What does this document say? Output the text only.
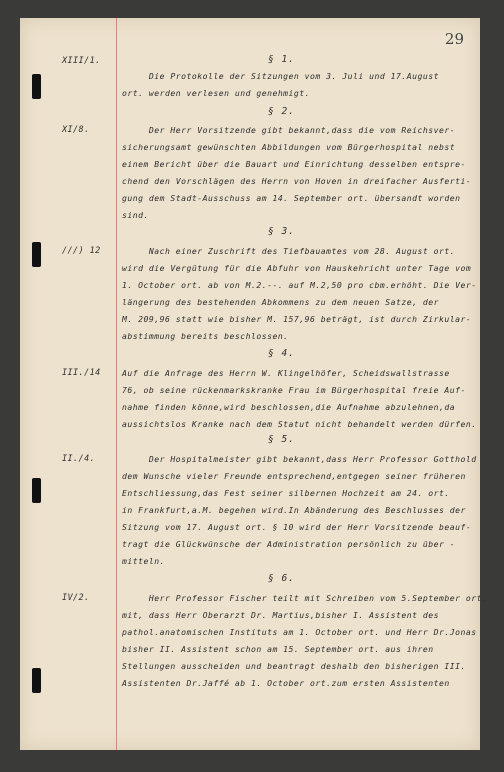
29
XIII/1.	§ 1.
Die Protokolle der Sitzungen vom 3. Juli und 17.August
ort. werden verlesen und genehmigt.
§ 2.
XI/8.	Der Herr Vorsitzende gibt bekannt,dass die vom Reichsver-
sicherungsamt gewünschten Abbildungen vom Bürgerhospital nebst
einem Bericht über die Bauart und Einrichtung desselben entspre-
chend den Vorschlägen des Herrn von Hoven in dreifacher Ausferti-
gung dem Stadt-Ausschuss am 14. September ort. übersandt worden
sind.
§ 3.
///) 12	Nach einer Zuschrift des Tiefbauamtes vom 28. August ort.
wird die Vergütung für die Abfuhr von Hauskehricht unter Tage vom
1. October ort. ab von M.2.--. auf M.2,50 pro cbm.erhöht. Die Ver-
längerung des bestehenden Abkommens zu dem neuen Satze, der
M. 209,96 statt wie bisher M. 157,96 beträgt, ist durch Zirkular-
abstimmung bereits beschlossen.
§ 4.
III./14	Auf die Anfrage des Herrn W. Klingelhöfer, Scheidswallstrasse
76, ob seine rückenmarkskranke Frau im Bürgerhospital freie Auf-
nahme finden könne,wird beschlossen,die Aufnahme abzulehnen,da
aussichtslos Kranke nach dem Statut nicht behandelt werden dürfen.
§ 5.
II./4.	Der Hospitalmeister gibt bekannt,dass Herr Professor Gotthold
dem Wunsche vieler Freunde entsprechend,entgegen seiner früheren
Entschliessung,das Fest seiner silbernen Hochzeit am 24. ort.
in Frankfurt,a.M. begehen wird.In Abänderung des Beschlusses der
Sitzung vom 17. August ort. § 10 wird der Herr Vorsitzende beauf-
tragt die Glückwünsche der Administration persönlich zu über -
mitteln.
§ 6.
IV/2.	Herr Professor Fischer teilt mit Schreiben vom 5.September ort.
mit, dass Herr Oberarzt Dr. Martius,bisher I. Assistent des
pathol.anatomischen Instituts am 1. October ort. und Herr Dr.Jonas
bisher II. Assistent schon am 15. September ort. aus ihren
Stellungen ausscheiden und beantragt deshalb den bisherigen III.
Assistenten Dr.Jaffé ab 1. October ort.zum ersten Assistenten
